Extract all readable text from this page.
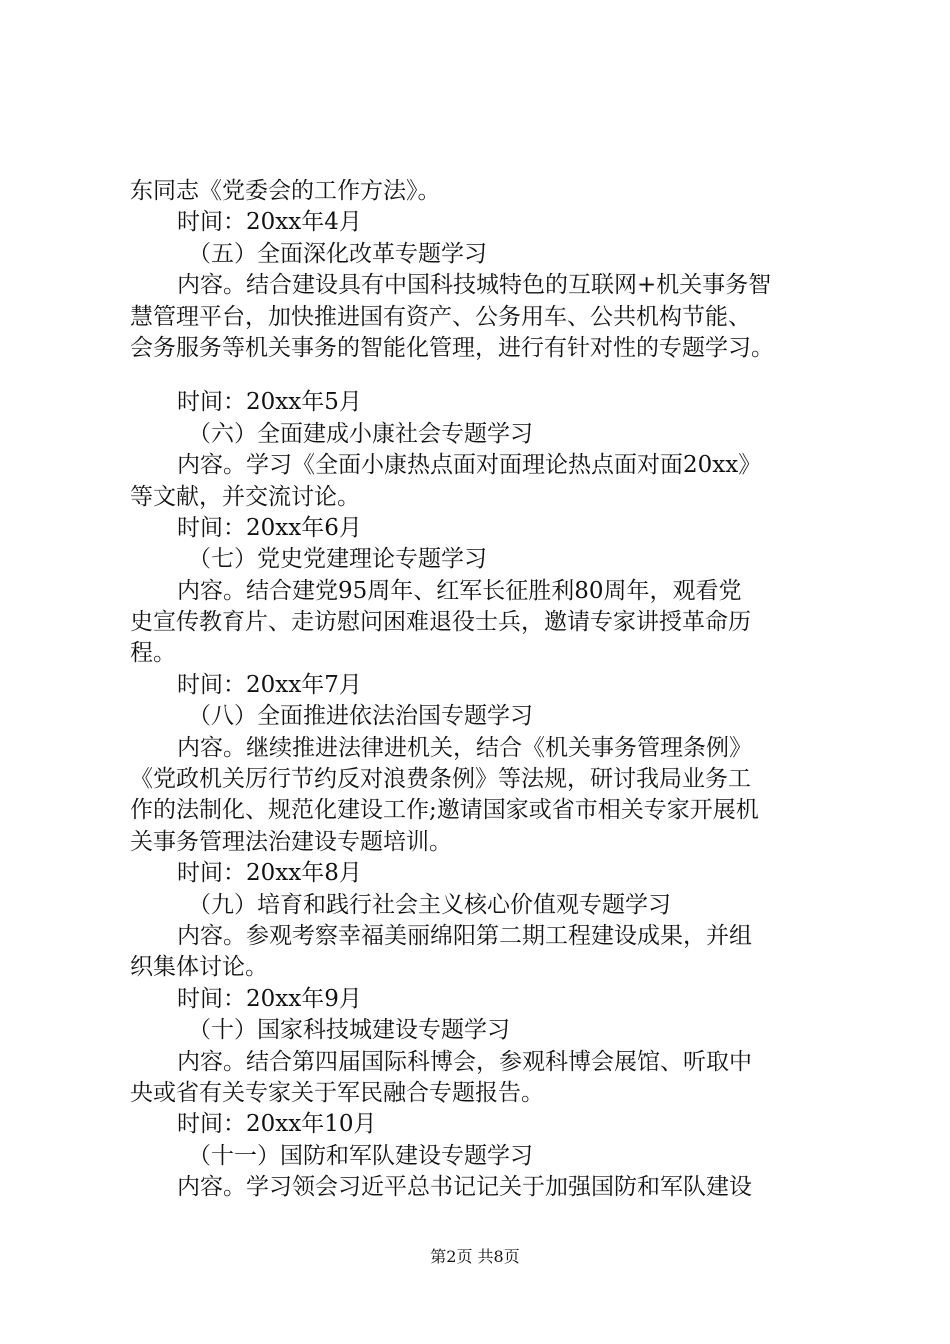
东同志《党委会的工作方法》。
时间：20xx年4月
（五）全面深化改革专题学习
内容。结合建设具有中国科技城特色的互联网+机关事务智
慧管理平台，加快推进国有资产、公务用车、公共机构节能、
会务服务等机关事务的智能化管理，进行有针对性的专题学习。
时间：20xx年5月
（六）全面建成小康社会专题学习
内容。学习《全面小康热点面对面理论热点面对面20xx》
等文献，并交流讨论。
时间：20xx年6月
（七）党史党建理论专题学习
内容。结合建党95周年、红军长征胜利80周年，观看党
史宣传教育片、走访慰问困难退役士兵，邀请专家讲授革命历
程。
时间：20xx年7月
（八）全面推进依法治国专题学习
内容。继续推进法律进机关，结合《机关事务管理条例》
《党政机关厉行节约反对浪费条例》等法规，研讨我局业务工
作的法制化、规范化建设工作;邀请国家或省市相关专家开展机
关事务管理法治建设专题培训。
时间：20xx年8月
（九）培育和践行社会主义核心价值观专题学习
内容。参观考察幸福美丽绵阳第二期工程建设成果，并组
织集体讨论。
时间：20xx年9月
（十）国家科技城建设专题学习
内容。结合第四届国际科博会，参观科博会展馆、听取中
央或省有关专家关于军民融合专题报告。
时间：20xx年10月
（十一）国防和军队建设专题学习
内容。学习领会习近平总书记记关于加强国防和军队建设
第2页 共8页
